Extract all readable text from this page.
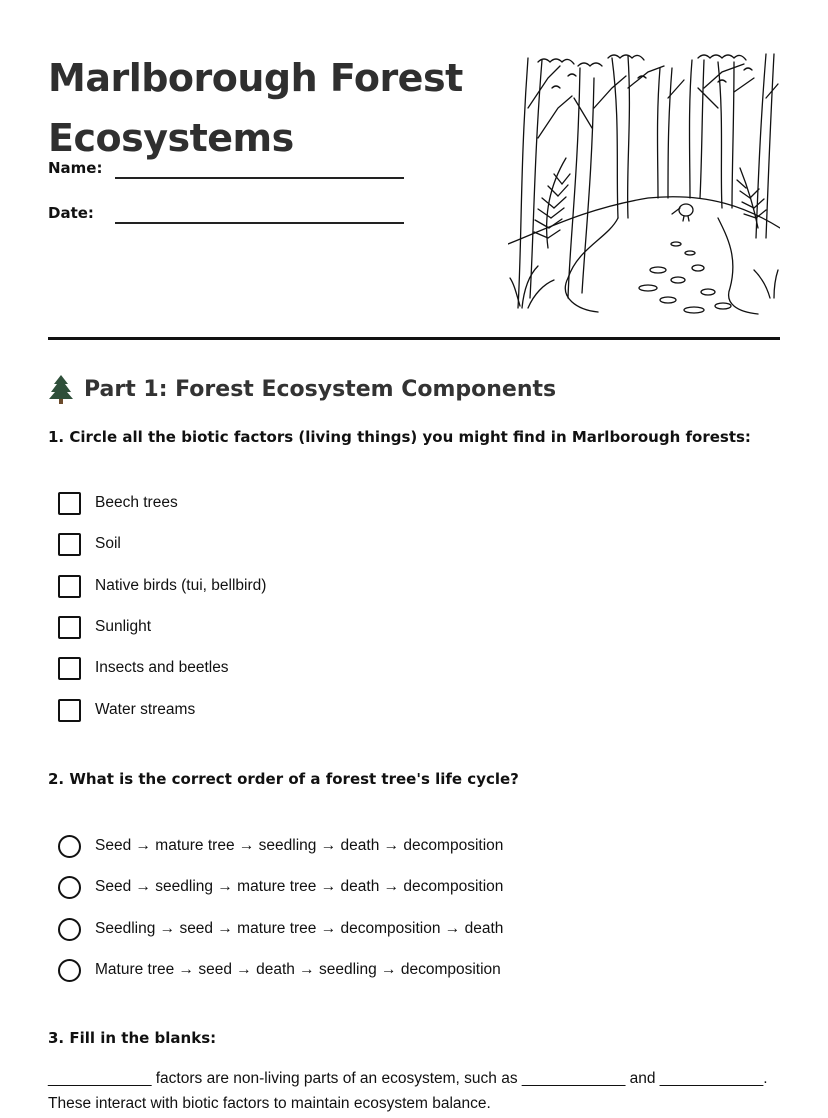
Marlborough Forest
Ecosystems
Name:
Date:
Part 1: Forest Ecosystem Components

1. Circle all the biotic factors (living things) you might find in Marlborough forests:

Beech trees
Soil
Native birds (tui, bellbird)
Sunlight
Insects and beetles
Water streams

2. What is the correct order of a forest tree's life cycle?

Seed → mature tree → seedling → death → decomposition
Seed → seedling → mature tree → death → decomposition
Seedling → seed → mature tree → decomposition → death
Mature tree → seed → death → seedling → decomposition

3. Fill in the blanks:

____________ factors are non-living parts of an ecosystem, such as ____________ and ____________. These interact with biotic factors to maintain ecosystem balance.
